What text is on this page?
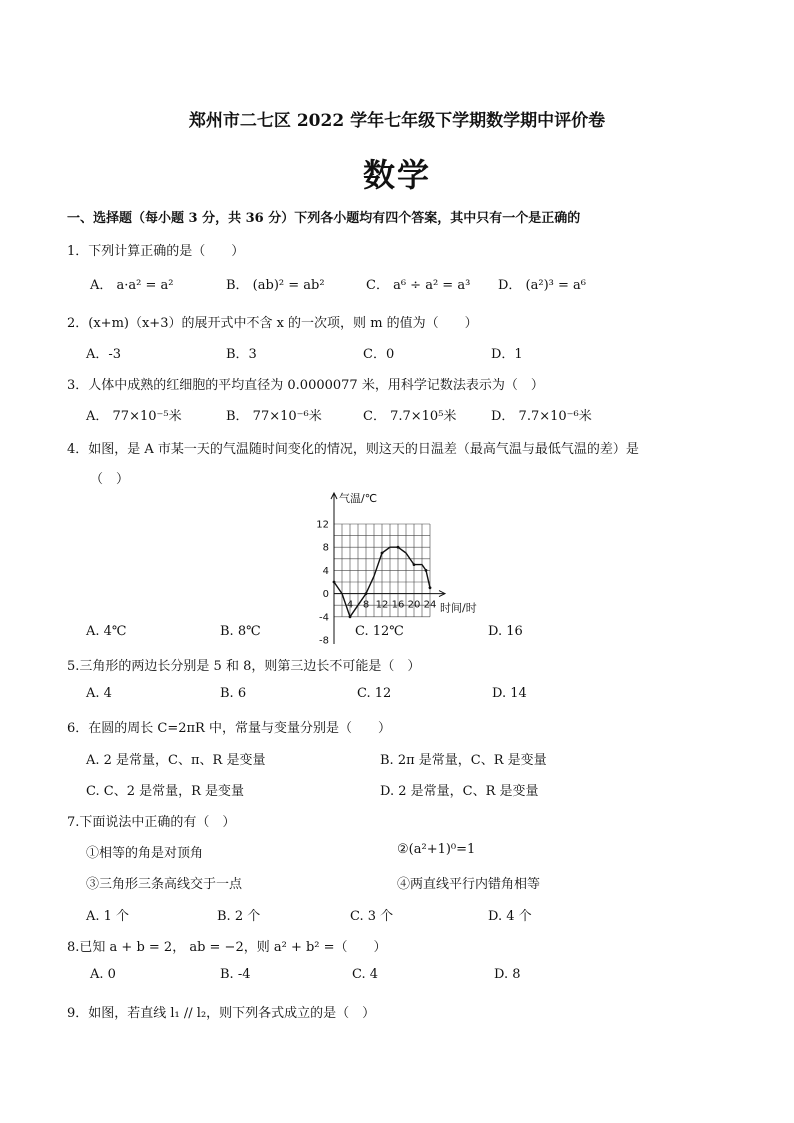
郑州市二七区 2022 学年七年级下学期数学期中评价卷
数学
一、选择题（每小题 3 分，共 36 分）下列各小题均有四个答案，其中只有一个是正确的
1．下列计算正确的是（　　）
A． a·a² = a²	B． (ab)² = ab²	C． a⁶ ÷ a² = a³ D． (a²)³ = a⁶
2．(x+m)（x+3）的展开式中不含 x 的一次项，则 m 的值为（　　）
A．-3	B．3	C．0	D．1
3．人体中成熟的红细胞的平均直径为 0.0000077 米，用科学记数法表示为（　）
A． 77×10⁻⁵米	B． 77×10⁻⁶米	C． 7.7×10⁵米	D． 7.7×10⁻⁶米
4．如图，是 A 市某一天的气温随时间变化的情况，则这天的日温差（最高气温与最低气温的差）是
（　）
12
8
4
0
-4
-8
4 8 12 16 20 24
气温/℃
时间/时
A. 4℃	B. 8℃	C. 12℃	D. 16
5.三角形的两边长分别是 5 和 8，则第三边长不可能是（　）
A. 4	B. 6	C. 12	D. 14
6．在圆的周长 C=2πR 中，常量与变量分别是（　　）
A. 2 是常量，C、π、R 是变量	B. 2π 是常量，C、R 是变量
C. C、2 是常量，R 是变量	D. 2 是常量，C、R 是变量
7.下面说法中正确的有（　）
①相等的角是对顶角	②(a²+1)⁰=1
③三角形三条高线交于一点	④两直线平行内错角相等
A. 1 个	B. 2 个	C. 3 个	D. 4 个
8.已知 a + b = 2， ab = −2，则 a² + b² =（　　）
A. 0	B. -4	C. 4	D. 8
9．如图，若直线 l₁ // l₂，则下列各式成立的是（　）
